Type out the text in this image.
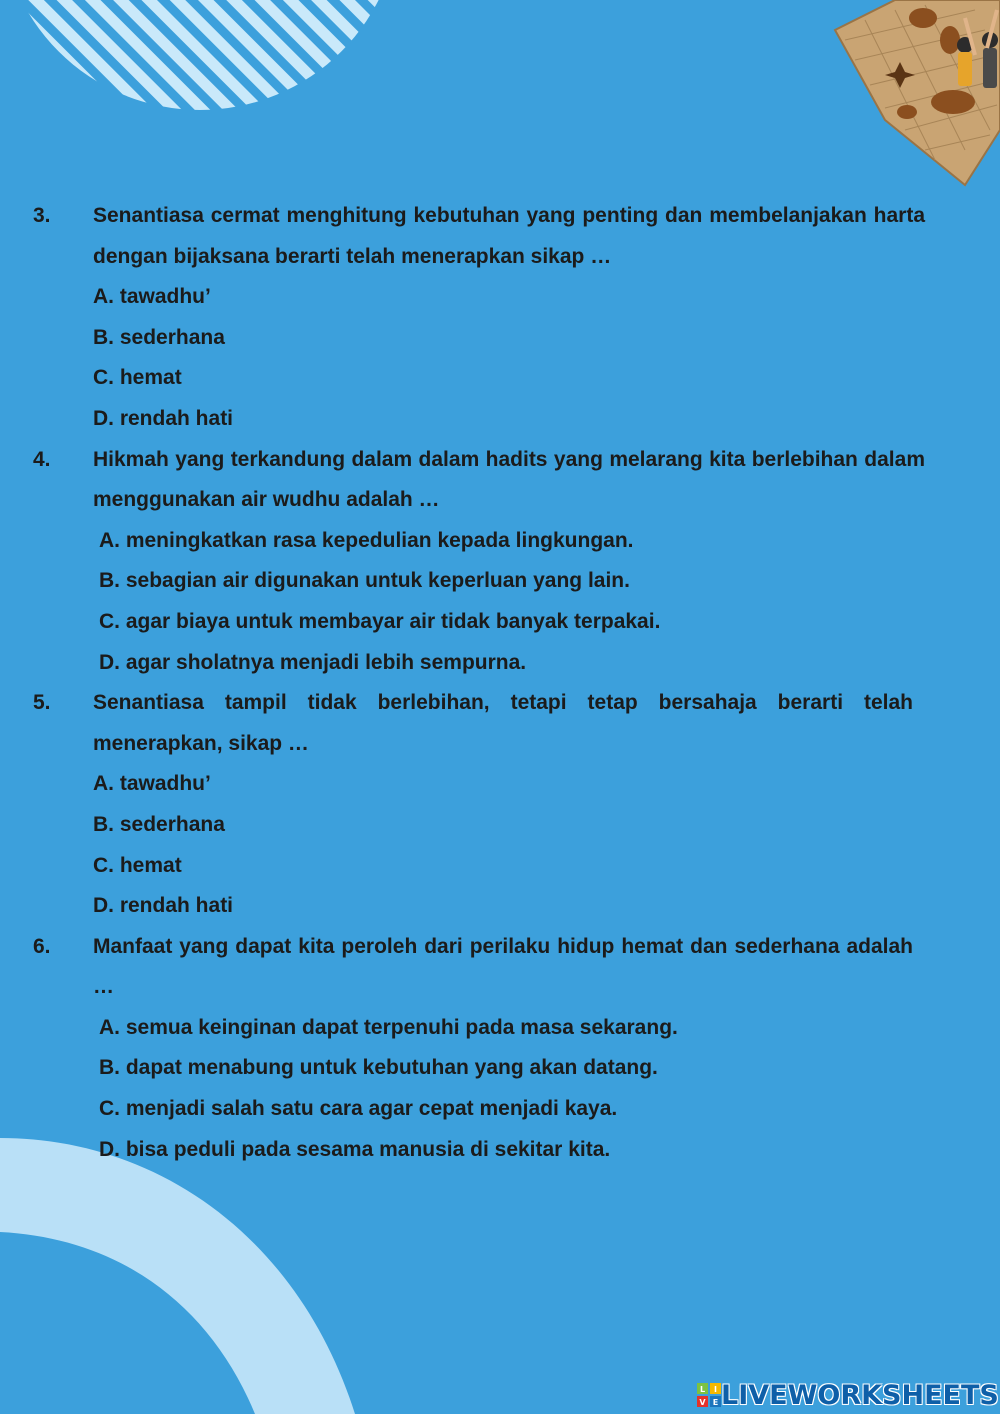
3. Senantiasa cermat menghitung kebutuhan yang penting dan membelanjakan harta dengan bijaksana berarti telah menerapkan sikap …
A. tawadhu’
B. sederhana
C. hemat
D. rendah hati
4. Hikmah yang terkandung dalam dalam hadits yang melarang kita berlebihan dalam menggunakan air wudhu adalah …
A. meningkatkan rasa kepedulian kepada lingkungan.
B. sebagian air digunakan untuk keperluan yang lain.
C. agar biaya untuk membayar air tidak banyak terpakai.
D. agar sholatnya menjadi lebih sempurna.
5. Senantiasa tampil tidak berlebihan, tetapi tetap bersahaja berarti telah menerapkan, sikap …
A. tawadhu’
B. sederhana
C. hemat
D. rendah hati
6. Manfaat yang dapat kita peroleh dari perilaku hidup hemat dan sederhana adalah …
A. semua keinginan dapat terpenuhi pada masa sekarang.
B. dapat menabung untuk kebutuhan yang akan datang.
C. menjadi salah satu cara agar cepat menjadi kaya.
D. bisa peduli pada sesama manusia di sekitar kita.
L I
V E LIVEWORKSHEETS
